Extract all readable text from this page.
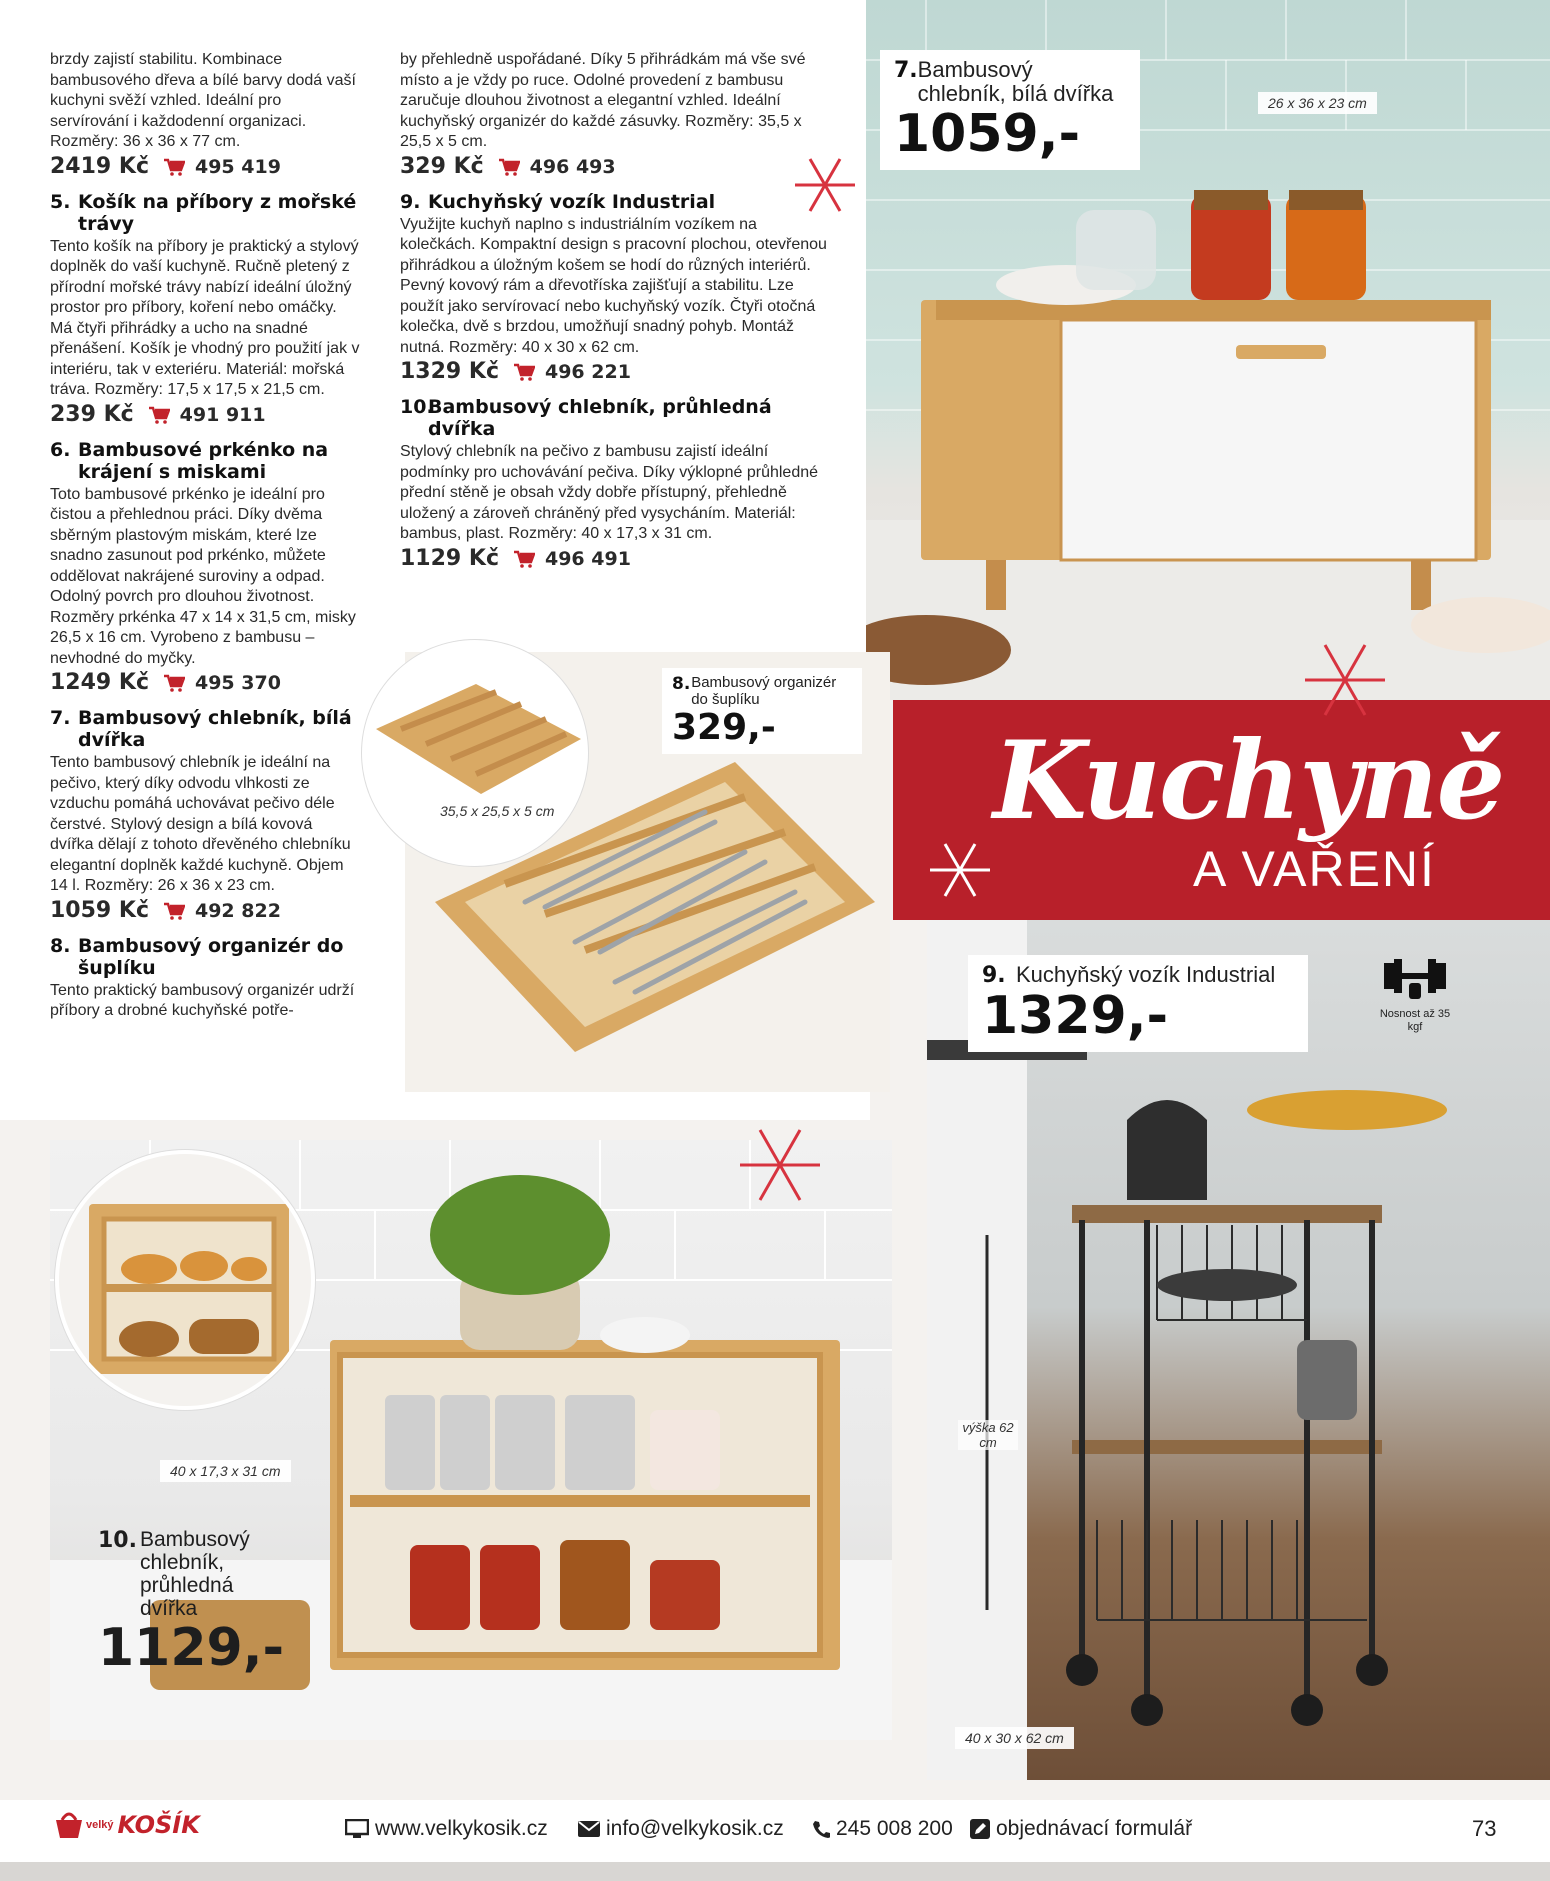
brzdy zajistí stabilitu. Kombinace bambusového dřeva a bílé barvy dodá vaší kuchyni svěží vzhled. Ideální pro servírování i každodenní organizaci. Rozměry: 36 x 36 x 77 cm.
2419 Kč 495 419
5. Košík na příbory z mořské trávy
Tento košík na příbory je praktický a stylový doplněk do vaší kuchyně. Ručně pletený z přírodní mořské trávy nabízí ideální úložný prostor pro příbory, koření nebo omáčky. Má čtyři přihrádky a ucho na snadné přenášení. Košík je vhodný pro použití jak v interiéru, tak v exteriéru. Materiál: mořská tráva. Rozměry: 17,5 x 17,5 x 21,5 cm.
239 Kč 491 911
6. Bambusové prkénko na krájení s miskami
Toto bambusové prkénko je ideální pro čistou a přehlednou práci. Díky dvěma sběrným plastovým miskám, které lze snadno zasunout pod prkénko, můžete oddělovat nakrájené suroviny a odpad. Odolný povrch pro dlouhou životnost. Rozměry prkénka 47 x 14 x 31,5 cm, misky 26,5 x 16 cm. Vyrobeno z bambusu – nevhodné do myčky.
1249 Kč 495 370
7. Bambusový chlebník, bílá dvířka
Tento bambusový chlebník je ideální na pečivo, který díky odvodu vlhkosti ze vzduchu pomáhá uchovávat pečivo déle čerstvé. Stylový design a bílá kovová dvířka dělají z tohoto dřevěného chlebníku elegantní doplněk každé kuchyně. Objem 14 l. Rozměry: 26 x 36 x 23 cm.
1059 Kč 492 822
8. Bambusový organizér do šuplíku
Tento praktický bambusový organizér udrží příbory a drobné kuchyňské potře-
by přehledně uspořádané. Díky 5 přihrádkám má vše své místo a je vždy po ruce. Odolné provedení z bambusu zaručuje dlouhou životnost a elegantní vzhled. Ideální kuchyňský organizér do každé zásuvky. Rozměry: 35,5 x 25,5 x 5 cm.
329 Kč 496 493
9. Kuchyňský vozík Industrial
Využijte kuchyň naplno s industriálním vozíkem na kolečkách. Kompaktní design s pracovní plochou, otevřenou přihrádkou a úložným košem se hodí do různých interiérů. Pevný kovový rám a dřevotříska zajišťují a stabilitu. Lze použít jako servírovací nebo kuchyňský vozík. Čtyři otočná kolečka, dvě s brzdou, umožňují snadný pohyb. Montáž nutná. Rozměry: 40 x 30 x 62 cm.
1329 Kč 496 221
10.
Bambusový chlebník, průhledná dvířka
Stylový chlebník na pečivo z bambusu zajistí ideální podmínky pro uchovávání pečiva. Díky výklopné průhledné přední stěně je obsah vždy dobře přístupný, přehledně uložený a zároveň chráněný před vysycháním. Materiál: bambus, plast. Rozměry: 40 x 17,3 x 31 cm.
1129 Kč 496 491
7. Bambusový chlebník, bílá dvířka
1059,-
26 x 36 x 23 cm
35,5 x 25,5 x 5 cm
8. Bambusový organizér do šuplíku
329,-	Kuchyně
A VAŘENÍ
výška 62 cm
9. Kuchyňský vozík Industrial
1329,-	Nosnost až 35 kgf
40 x 30 x 62 cm
40 x 17,3 x 31 cm
10. Bambusový chlebník, průhledná dvířka
1129,-
velký KOŠÍK	www.velkykosik.cz	info@velkykosik.cz 245 008 200 objednávací formulář	73
